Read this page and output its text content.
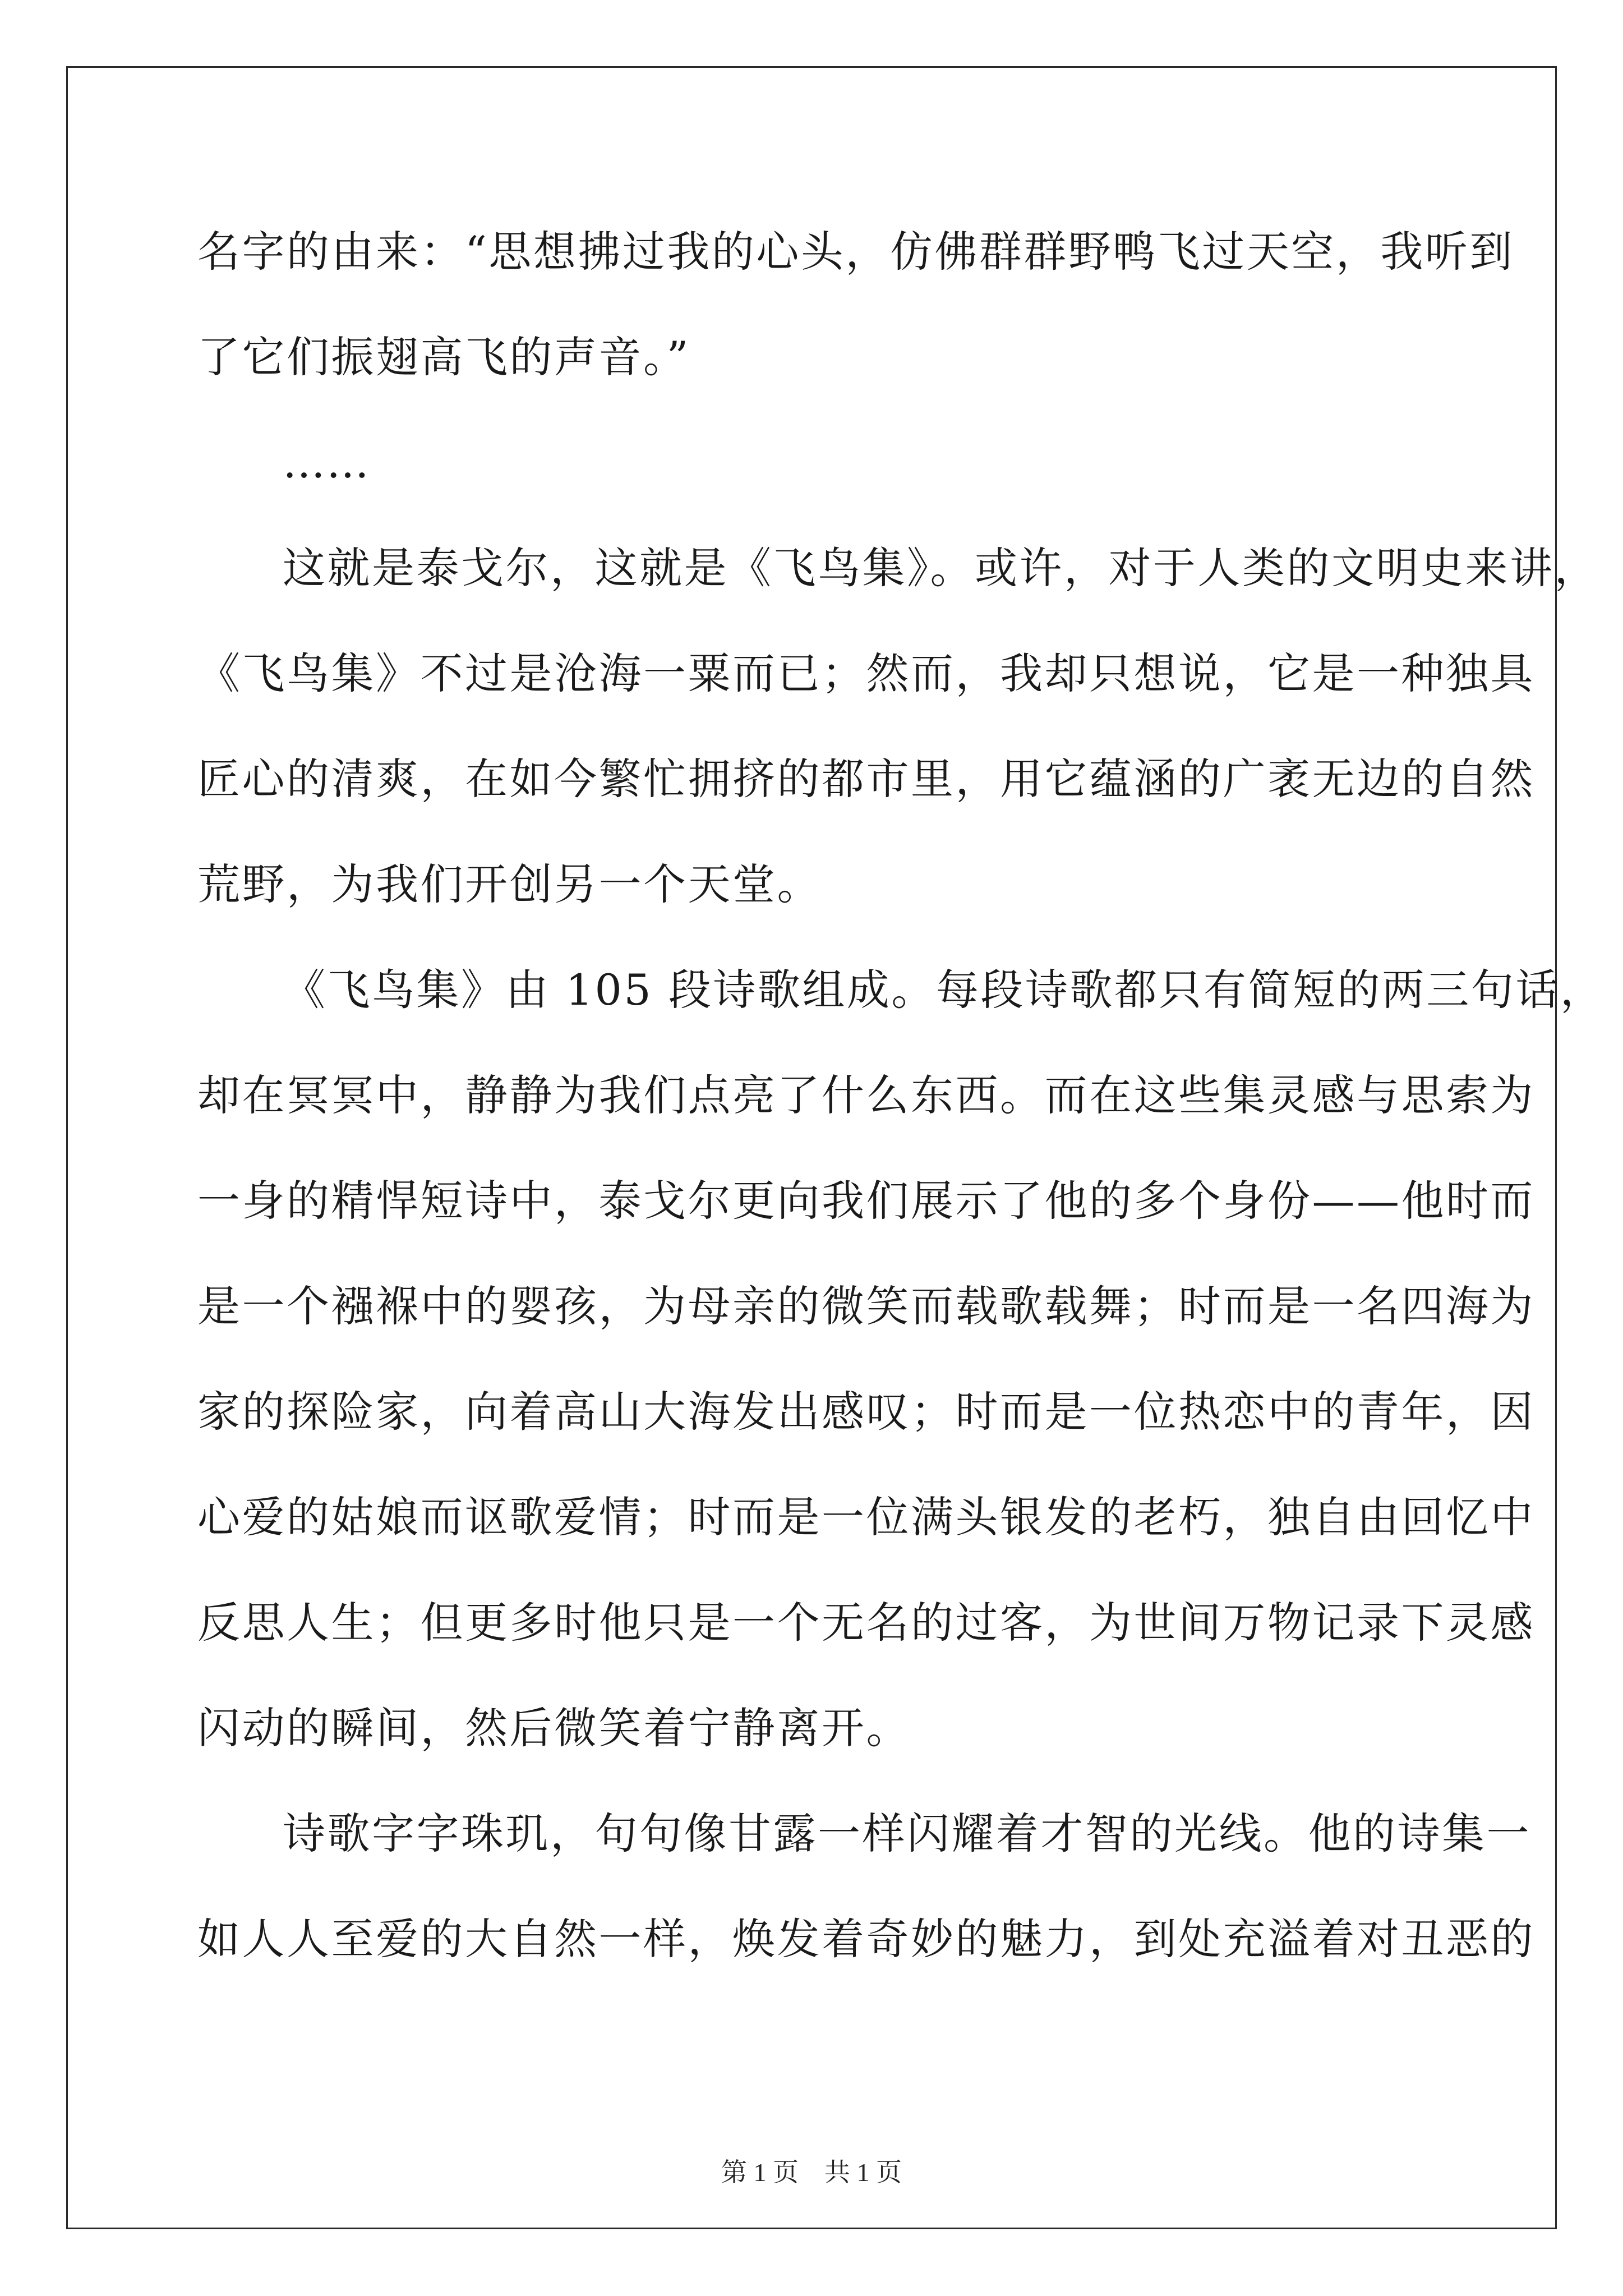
名字的由来：“思想拂过我的心头，仿佛群群野鸭飞过天空，我听到
了它们振翅高飞的声音。”
……
这就是泰戈尔，这就是《飞鸟集》。或许，对于人类的文明史来讲，
《飞鸟集》不过是沧海一粟而已；然而，我却只想说，它是一种独具
匠心的清爽，在如今繁忙拥挤的都市里，用它蕴涵的广袤无边的自然
荒野，为我们开创另一个天堂。
《飞鸟集》由 105 段诗歌组成。每段诗歌都只有简短的两三句话，
却在冥冥中，静静为我们点亮了什么东西。而在这些集灵感与思索为
一身的精悍短诗中，泰戈尔更向我们展示了他的多个身份——他时而
是一个襁褓中的婴孩，为母亲的微笑而载歌载舞；时而是一名四海为
家的探险家，向着高山大海发出感叹；时而是一位热恋中的青年，因
心爱的姑娘而讴歌爱情；时而是一位满头银发的老朽，独自由回忆中
反思人生；但更多时他只是一个无名的过客，为世间万物记录下灵感
闪动的瞬间，然后微笑着宁静离开。
诗歌字字珠玑，句句像甘露一样闪耀着才智的光线。他的诗集一
如人人至爱的大自然一样，焕发着奇妙的魅力，到处充溢着对丑恶的
第 1 页　共 1 页
